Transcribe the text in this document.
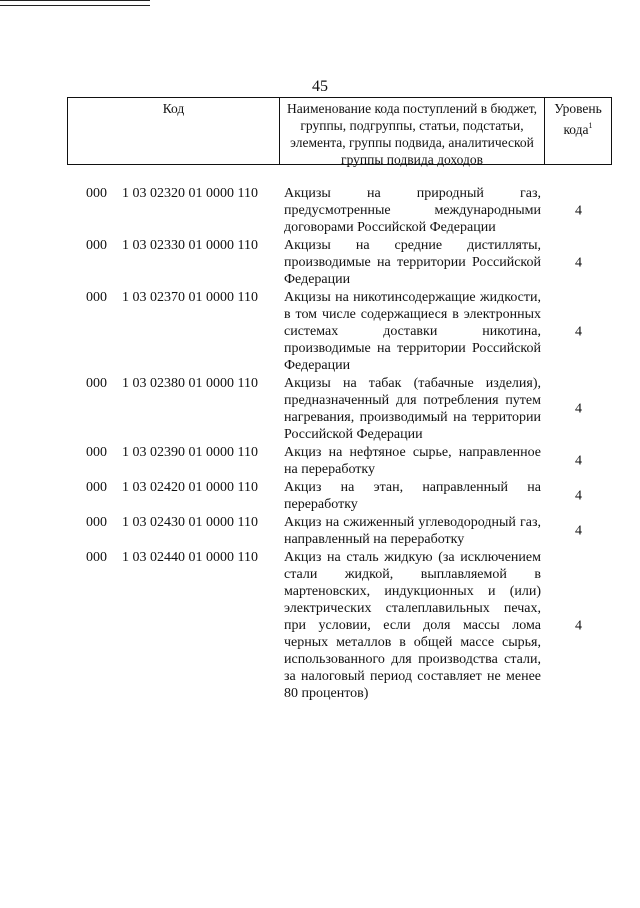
45
Код	Наименование кода поступлений в бюджет, группы, подгруппы, статьи, подстатьи, элемента, группы подвида, аналитической группы подвида доходов
Уровень кода$^1$
000 1 03 02320 01 0000 110 Акцизы на природный газ, предусмотренные международными договорами Российской Федерации
4
000 1 03 02330 01 0000 110 Акцизы на средние дистилляты, производимые на территории Российской Федерации
4
000 1 03 02370 01 0000 110 Акцизы на никотинсодержащие жидкости, в том числе содержащиеся в электронных системах доставки никотина, производимые на территории Российской Федерации
4
000 1 03 02380 01 0000 110 Акцизы на табак (табачные изделия), предназначенный для потребления путем нагревания, производимый на территории Российской Федерации
4
000 1 03 02390 01 0000 110 Акциз на нефтяное сырье, направленное на переработку
4
000 1 03 02420 01 0000 110 Акциз на этан, направленный на переработку
4
000 1 03 02430 01 0000 110 Акциз на сжиженный углеводородный газ, направленный на переработку
4
000 1 03 02440 01 0000 110 Акциз на сталь жидкую (за исключением стали жидкой, выплавляемой в мартеновских, индукционных и (или) электрических сталеплавильных печах, при условии, если доля массы лома черных металлов в общей массе сырья, использованного для производства стали, за налоговый период составляет не менее 80 процентов)
4
